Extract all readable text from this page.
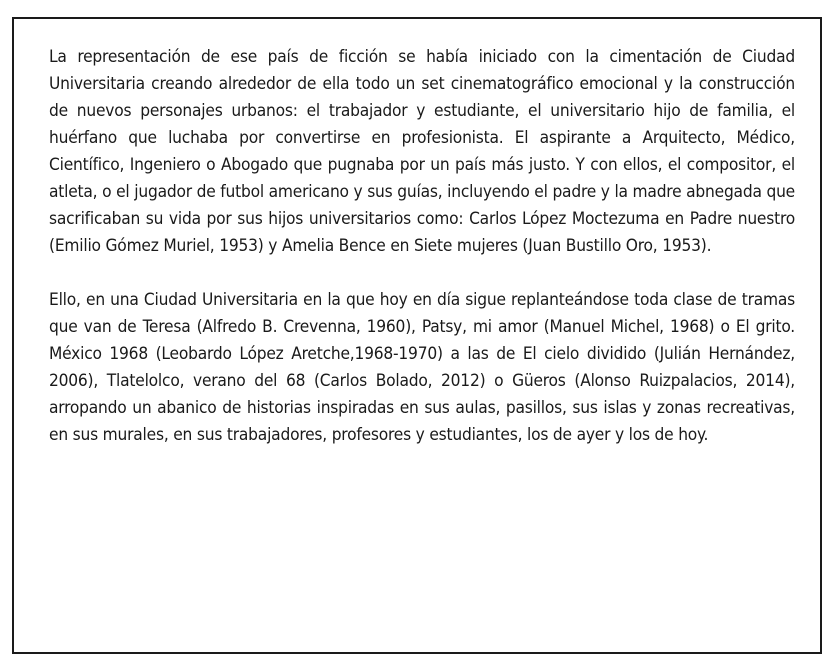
La representación de ese país de ficción se había iniciado con la cimentación de Ciudad Universitaria creando alrededor de ella todo un set cinematográfico emocional y la construcción de nuevos personajes urbanos: el trabajador y estudiante, el universitario hijo de familia, el huérfano que luchaba por convertirse en profesionista. El aspirante a Arquitecto, Médico, Científico, Ingeniero o Abogado que pugnaba por un país más justo. Y con ellos, el compositor, el atleta, o el jugador de futbol americano y sus guías, incluyendo el padre y la madre abnegada que sacrificaban su vida por sus hijos universitarios como: Carlos López Moctezuma en Padre nuestro (Emilio Gómez Muriel, 1953) y Amelia Bence en Siete mujeres (Juan Bustillo Oro, 1953).

Ello, en una Ciudad Universitaria en la que hoy en día sigue replanteándose toda clase de tramas que van de Teresa (Alfredo B. Crevenna, 1960), Patsy, mi amor (Manuel Michel, 1968) o El grito. México 1968 (Leobardo López Aretche,1968-1970) a las de El cielo dividido (Julián Hernández, 2006), Tlatelolco, verano del 68 (Carlos Bolado, 2012) o Güeros (Alonso Ruizpalacios, 2014), arropando un abanico de historias inspiradas en sus aulas, pasillos, sus islas y zonas recreativas, en sus murales, en sus trabajadores, profesores y estudiantes, los de ayer y los de hoy.
